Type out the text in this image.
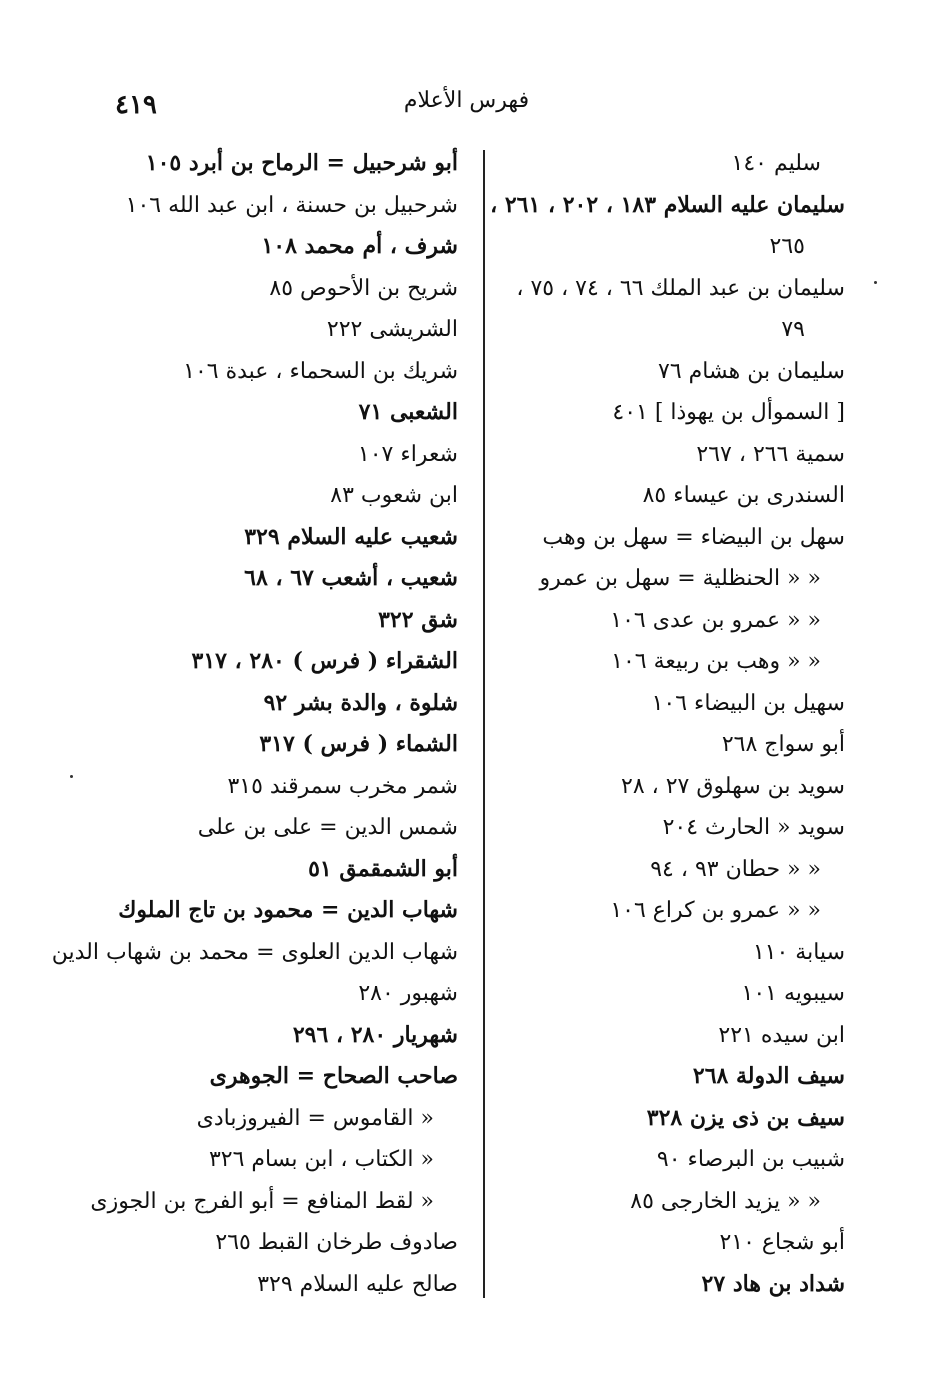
٤١٩	فهرس الأعلام
سليم ١٤٠
سليمان عليه السلام ١٨٣ ، ٢٠٢ ، ٢٦١ ،
٢٦٥
سليمان بن عبد الملك ٦٦ ، ٧٤ ، ٧٥ ،
٧٩
سليمان بن هشام ٧٦
[ السموأل بن يهوذا ] ٤٠١
سمية ٢٦٦ ، ٢٦٧
السندرى بن عيساء ٨٥
سهل بن البيضاء = سهل بن وهب
« « الحنظلية = سهل بن عمرو
« « عمرو بن عدى ١٠٦
« « وهب بن ربيعة ١٠٦
سهيل بن البيضاء ١٠٦
أبو سواج ٢٦٨
سويد بن سهلوق ٢٧ ، ٢٨
سويد « الحارث ٢٠٤
« « حطان ٩٣ ، ٩٤
« « عمرو بن كراع ١٠٦
سيابة ١١٠
سيبويه ١٠١
ابن سيده ٢٢١
سيف الدولة ٢٦٨
سيف بن ذى يزن ٣٢٨
شبيب بن البرصاء ٩٠
« « يزيد الخارجى ٨٥
أبو شجاع ٢١٠
شداد بن هاد ٢٧
أبو شرحبيل = الرماح بن أبرد ١٠٥
شرحبيل بن حسنة ، ابن عبد الله ١٠٦
شرف ، أم محمد ١٠٨
شريح بن الأحوص ٨٥
الشريشى ٢٢٢
شريك بن السحماء ، عبدة ١٠٦
الشعبى ٧١
شعراء ١٠٧
ابن شعوب ٨٣
شعيب عليه السلام ٣٢٩
شعيب ، أشعب ٦٧ ، ٦٨
شق ٣٢٢
الشقراء ( فرس ) ٢٨٠ ، ٣١٧
شلوة ، والدة بشر ٩٢
الشماء ( فرس ) ٣١٧
شمر مخرب سمرقند ٣١٥
شمس الدين = على بن على
أبو الشمقمق ٥١
شهاب الدين = محمود بن تاج الملوك
شهاب الدين العلوى = محمد بن شهاب الدين
شهبور ٢٨٠
شهريار ٢٨٠ ، ٢٩٦
صاحب الصحاح = الجوهرى
« القاموس = الفيروزبادى
« الكتاب ، ابن بسام ٣٢٦
« لقط المنافع = أبو الفرج بن الجوزى
صادوف طرخان القبط ٢٦٥
صالح عليه السلام ٣٢٩
